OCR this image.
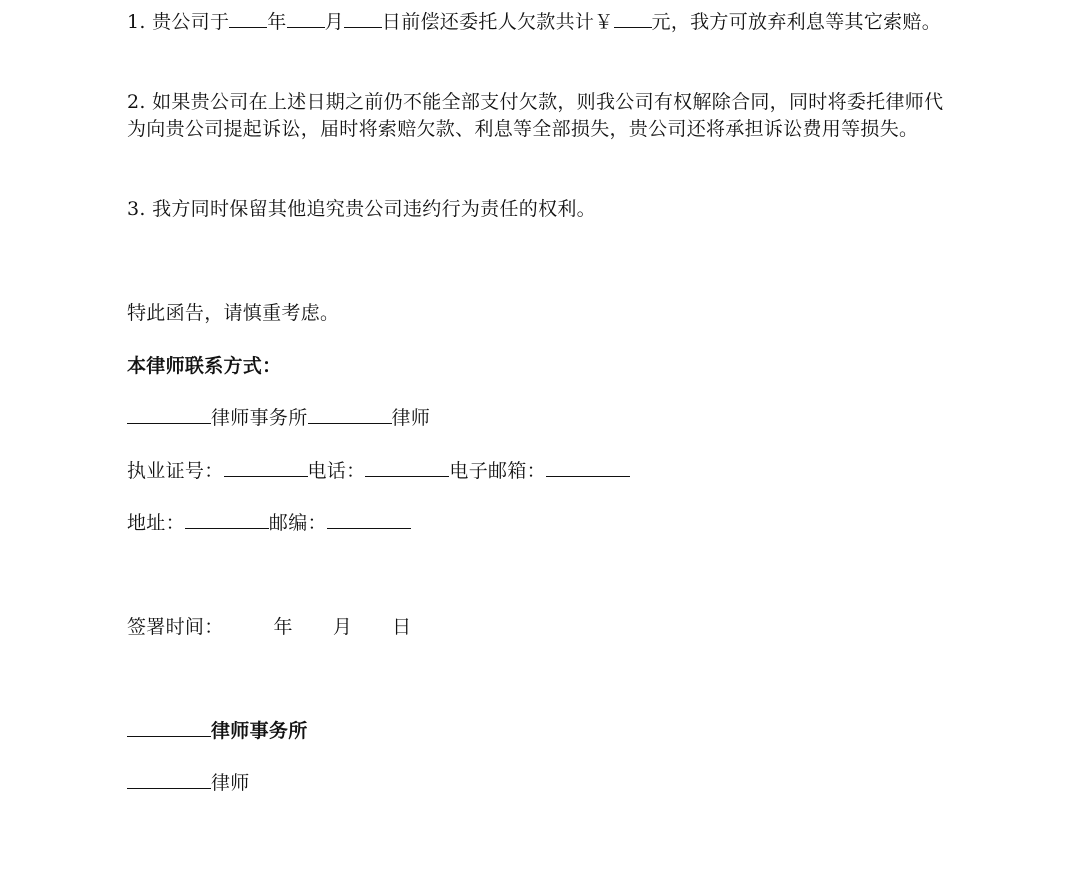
1. 贵公司于 年 月 日前偿还委托人欠款共计￥ 元，我方可放弃利息等其它索赔。

2. 如果贵公司在上述日期之前仍不能全部支付欠款，则我公司有权解除合同，同时将委托律师代为向贵公司提起诉讼，届时将索赔欠款、利息等全部损失，贵公司还将承担诉讼费用等损失。

3. 我方同时保留其他追究贵公司违约行为责任的权利。

特此函告，请慎重考虑。
本律师联系方式：
律师事务所	律师
执业证号：	电话：	电子邮箱：
地址：	邮编：
签署时间：	年 月 日
律师事务所
律师
